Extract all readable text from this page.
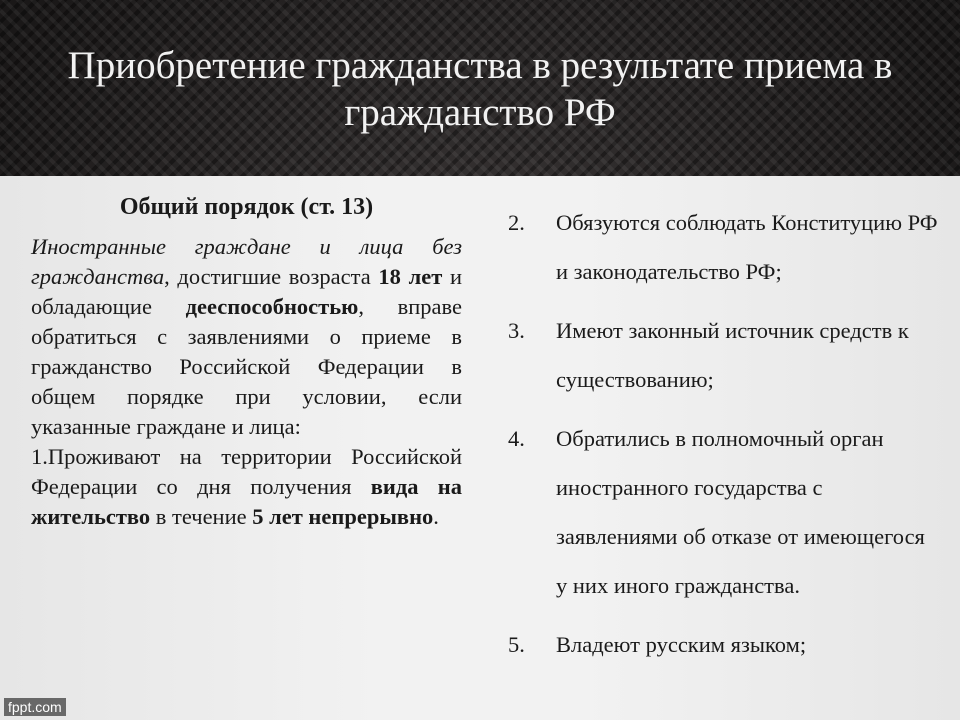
Приобретение гражданства в результате приема в гражданство РФ
Общий порядок (ст. 13)

Иностранные граждане и лица без гражданства, достигшие возраста 18 лет и обладающие дееспособностью, вправе обратиться с заявлениями о приеме в гражданство Российской Федерации в общем порядке при условии, если указанные граждане и лица:

1.Проживают на территории Российской Федерации со дня получения вида на жительство в течение 5 лет непрерывно.

2. Обязуются соблюдать Конституцию РФ и законодательство РФ;
3. Имеют законный источник средств к существованию;
4. Обратились в полномочный орган иностранного государства с заявлениями об отказе от имеющегося у них иного гражданства.
5. Владеют русским языком;
fppt.com
